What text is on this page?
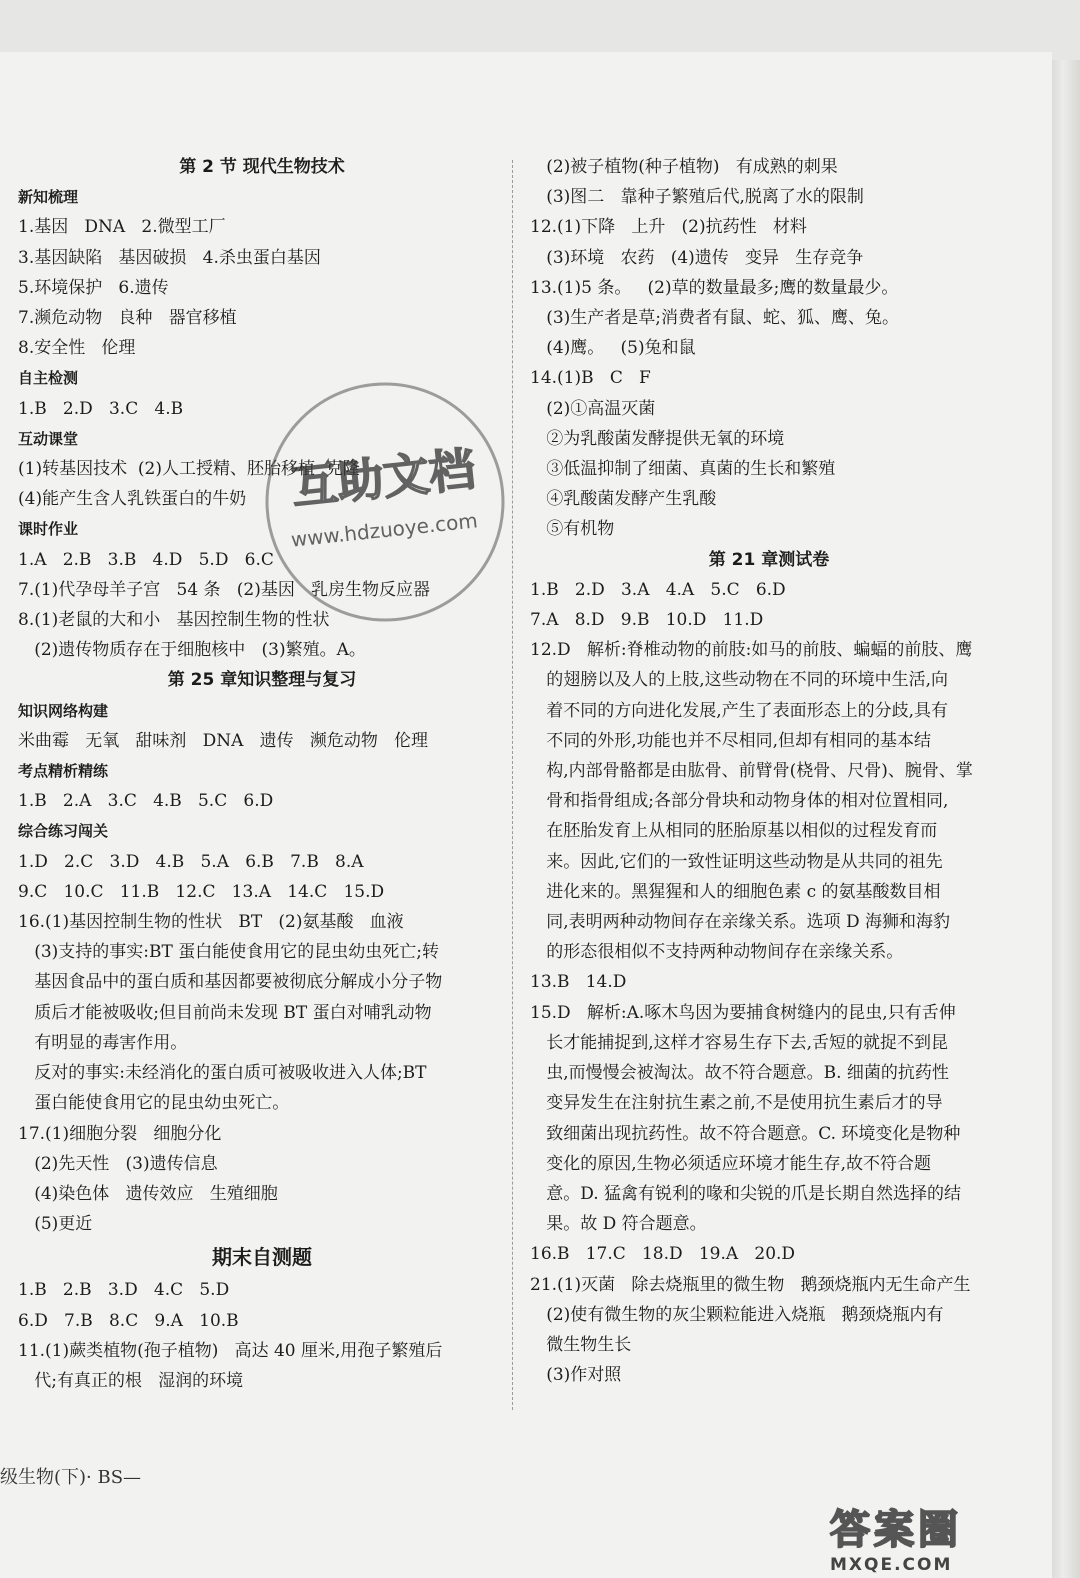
第 2 节 现代生物技术
新知梳理
1.基因   DNA   2.微型工厂
3.基因缺陷   基因破损   4.杀虫蛋白基因
5.环境保护   6.遗传
7.濒危动物   良种   器官移植
8.安全性   伦理
自主检测
1.B   2.D   3.C   4.B
互动课堂
(1)转基因技术  (2)人工授精、胚胎移植  克隆
(4)能产生含人乳铁蛋白的牛奶
课时作业
1.A   2.B   3.B   4.D   5.D   6.C
7.(1)代孕母羊子宫   54 条   (2)基因   乳房生物反应器
8.(1)老鼠的大和小   基因控制生物的性状
(2)遗传物质存在于细胞核中   (3)繁殖。A。
第 25 章知识整理与复习
知识网络构建
米曲霉   无氧   甜味剂   DNA   遗传   濒危动物   伦理
考点精析精练
1.B   2.A   3.C   4.B   5.C   6.D
综合练习闯关
1.D   2.C   3.D   4.B   5.A   6.B   7.B   8.A
9.C   10.C   11.B   12.C   13.A   14.C   15.D
16.(1)基因控制生物的性状   BT   (2)氨基酸   血液
(3)支持的事实:BT 蛋白能使食用它的昆虫幼虫死亡;转
基因食品中的蛋白质和基因都要被彻底分解成小分子物
质后才能被吸收;但目前尚未发现 BT 蛋白对哺乳动物
有明显的毒害作用。
反对的事实:未经消化的蛋白质可被吸收进入人体;BT
蛋白能使食用它的昆虫幼虫死亡。
17.(1)细胞分裂   细胞分化
(2)先天性   (3)遗传信息
(4)染色体   遗传效应   生殖细胞
(5)更近
期末自测题
1.B   2.B   3.D   4.C   5.D
6.D   7.B   8.C   9.A   10.B
11.(1)蕨类植物(孢子植物)   高达 40 厘米,用孢子繁殖后
代;有真正的根   湿润的环境
(2)被子植物(种子植物)   有成熟的刺果
(3)图二   靠种子繁殖后代,脱离了水的限制
12.(1)下降   上升   (2)抗药性   材料
(3)环境   农药   (4)遗传   变异   生存竞争
13.(1)5 条。   (2)草的数量最多;鹰的数量最少。
(3)生产者是草;消费者有鼠、蛇、狐、鹰、兔。
(4)鹰。   (5)兔和鼠
14.(1)B   C   F
(2)①高温灭菌
②为乳酸菌发酵提供无氧的环境
③低温抑制了细菌、真菌的生长和繁殖
④乳酸菌发酵产生乳酸
⑤有机物
第 21 章测试卷
1.B   2.D   3.A   4.A   5.C   6.D
7.A   8.D   9.B   10.D   11.D
12.D   解析:脊椎动物的前肢:如马的前肢、蝙蝠的前肢、鹰
的翅膀以及人的上肢,这些动物在不同的环境中生活,向
着不同的方向进化发展,产生了表面形态上的分歧,具有
不同的外形,功能也并不尽相同,但却有相同的基本结
构,内部骨骼都是由肱骨、前臂骨(桡骨、尺骨)、腕骨、掌
骨和指骨组成;各部分骨块和动物身体的相对位置相同,
在胚胎发育上从相同的胚胎原基以相似的过程发育而
来。因此,它们的一致性证明这些动物是从共同的祖先
进化来的。黑猩猩和人的细胞色素 c 的氨基酸数目相
同,表明两种动物间存在亲缘关系。选项 D 海狮和海豹
的形态很相似不支持两种动物间存在亲缘关系。
13.B   14.D
15.D   解析:A.啄木鸟因为要捕食树缝内的昆虫,只有舌伸
长才能捕捉到,这样才容易生存下去,舌短的就捉不到昆
虫,而慢慢会被淘汰。故不符合题意。B. 细菌的抗药性
变异发生在注射抗生素之前,不是使用抗生素后才的导
致细菌出现抗药性。故不符合题意。C. 环境变化是物种
变化的原因,生物必须适应环境才能生存,故不符合题
意。D. 猛禽有锐利的喙和尖锐的爪是长期自然选择的结
果。故 D 符合题意。
16.B   17.C   18.D   19.A   20.D
21.(1)灭菌   除去烧瓶里的微生物   鹅颈烧瓶内无生命产生
(2)使有微生物的灰尘颗粒能进入烧瓶   鹅颈烧瓶内有
微生物生长
(3)作对照
互助文档
www.hdzuoye.com
级生物(下)· BS—
答案圈
MXQE.COM
